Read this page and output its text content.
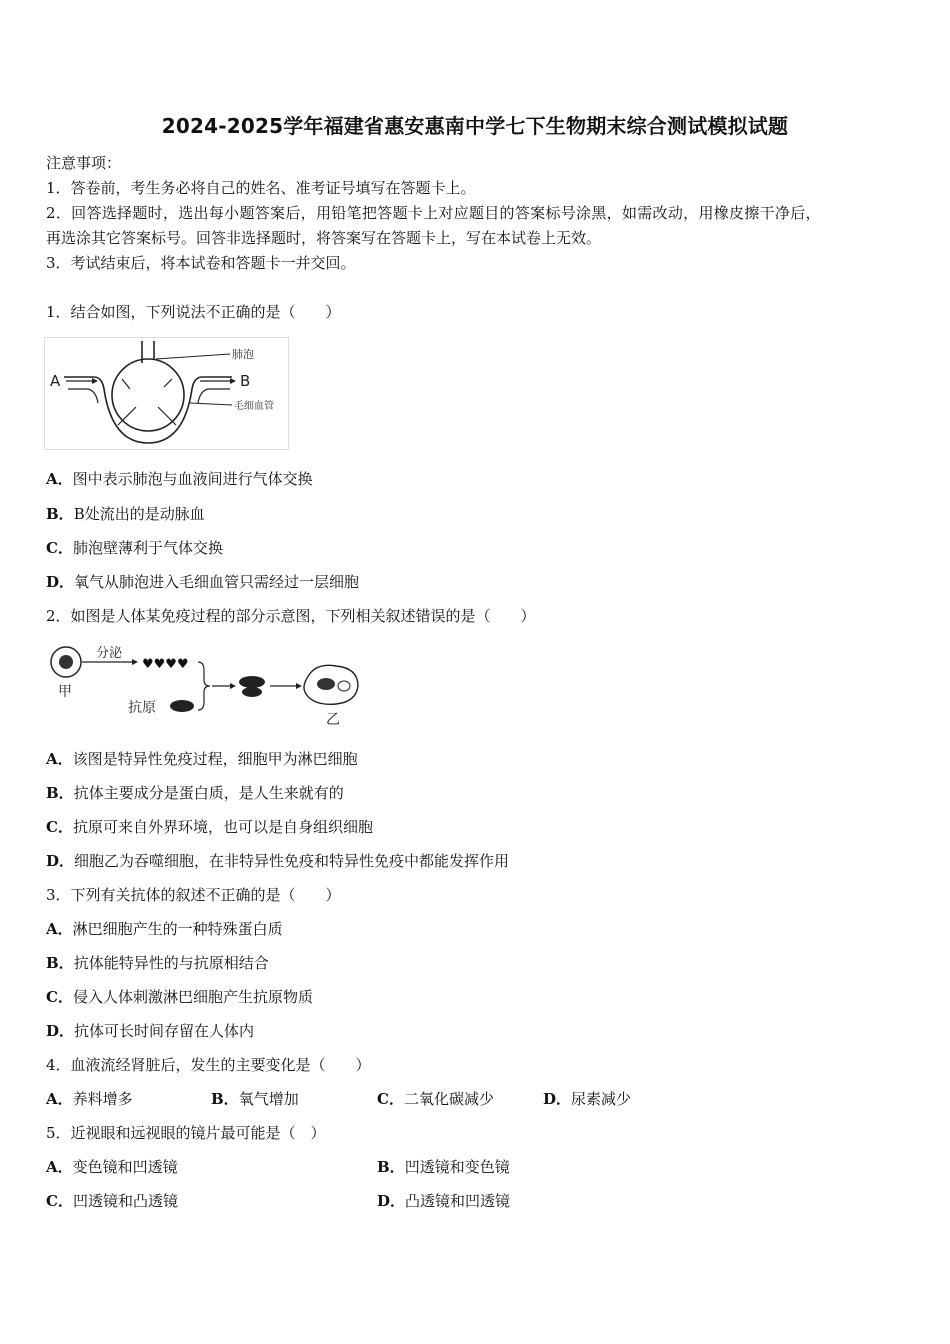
2024-2025学年福建省惠安惠南中学七下生物期末综合测试模拟试题
注意事项：
1．答卷前，考生务必将自己的姓名、准考证号填写在答题卡上。
2．回答选择题时，选出每小题答案后，用铅笔把答题卡上对应题目的答案标号涂黑，如需改动，用橡皮擦干净后，
再选涂其它答案标号。回答非选择题时，将答案写在答题卡上，写在本试卷上无效。
3．考试结束后，将本试卷和答题卡一并交回。
1．结合如图，下列说法不正确的是（　　）
A	B
肺泡
毛细血管
A．图中表示肺泡与血液间进行气体交换
B．B处流出的是动脉血
C．肺泡壁薄利于气体交换
D．氧气从肺泡进入毛细血管只需经过一层细胞
2．如图是人体某免疫过程的部分示意图，下列相关叙述错误的是（　　）
甲
分泌
♥♥♥♥
抗原
乙
A．该图是特异性免疫过程，细胞甲为淋巴细胞
B．抗体主要成分是蛋白质，是人生来就有的
C．抗原可来自外界环境，也可以是自身组织细胞
D．细胞乙为吞噬细胞，在非特异性免疫和特异性免疫中都能发挥作用
3．下列有关抗体的叙述不正确的是（　　）
A．淋巴细胞产生的一种特殊蛋白质
B．抗体能特异性的与抗原相结合
C．侵入人体刺激淋巴细胞产生抗原物质
D．抗体可长时间存留在人体内
4．血液流经肾脏后，发生的主要变化是（　　）
A．养料增多	B．氧气增加	C．二氧化碳减少	D．尿素减少
5．近视眼和远视眼的镜片最可能是（　）
A．变色镜和凹透镜	B．凹透镜和变色镜
C．凹透镜和凸透镜	D．凸透镜和凹透镜
